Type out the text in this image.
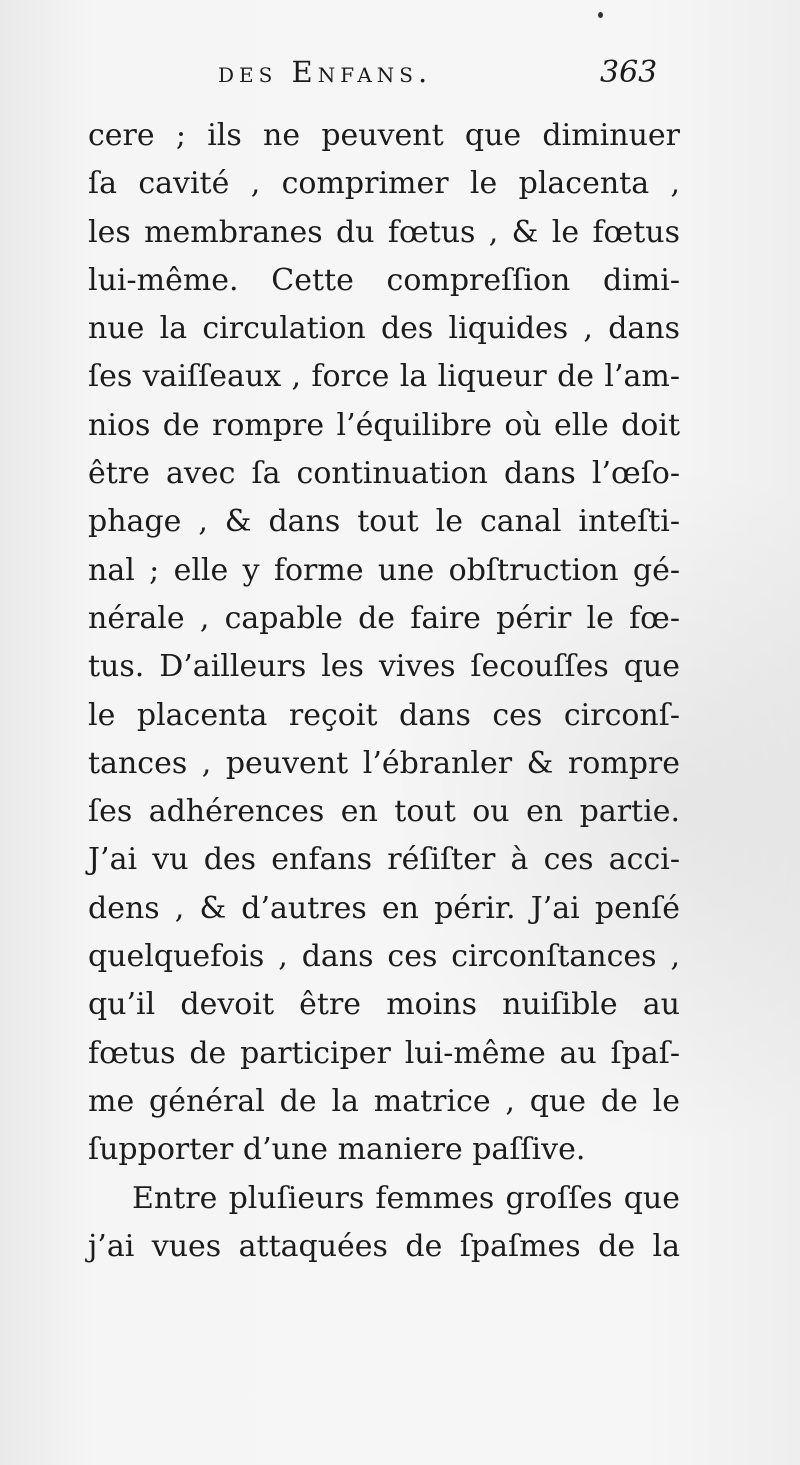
des Enfans.	363
cere ; ils ne peuvent que diminuer
ſa cavité , comprimer le placenta ,
les membranes du fœtus , & le fœtus
lui-même. Cette compreſſion dimi-
nue la circulation des liquides , dans
ſes vaiſſeaux , force la liqueur de l’am-
nios de rompre l’équilibre où elle doit
être avec ſa continuation dans l’œſo-
phage , & dans tout le canal inteſti-
nal ; elle y forme une obſtruction gé-
nérale , capable de faire périr le fœ-
tus. D’ailleurs les vives ſecouſſes que
le placenta reçoit dans ces circonſ-
tances , peuvent l’ébranler & rompre
ſes adhérences en tout ou en partie.
J’ai vu des enfans réſiſter à ces acci-
dens , & d’autres en périr. J’ai penſé
quelquefois , dans ces circonſtances ,
qu’il devoit être moins nuiſible au
fœtus de participer lui-même au ſpaſ-
me général de la matrice , que de le
ſupporter d’une maniere paſſive.
Entre pluſieurs femmes groſſes que
j’ai vues attaquées de ſpaſmes de la
